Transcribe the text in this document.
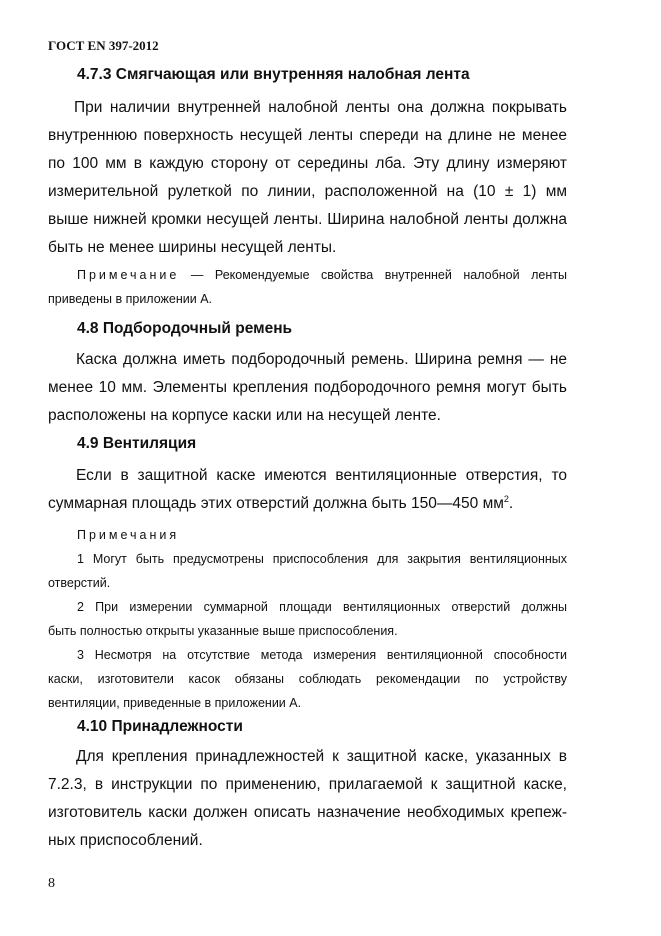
ГОСТ EN 397-2012
4.7.3 Смягчающая или внутренняя налобная лента
При наличии внутренней налобной ленты она должна покрывать
внутреннюю поверхность несущей ленты спереди на длине не менее
по 100 мм в каждую сторону от середины лба. Эту длину измеряют
измерительной рулеткой по линии, расположенной на (10 ± 1) мм
выше нижней кромки несущей ленты. Ширина налобной ленты должна
быть не менее ширины несущей ленты.
Примечание — Рекомендуемые свойства внутренней налобной ленты
приведены в приложении А.
4.8 Подбородочный ремень
Каска должна иметь подбородочный ремень. Ширина ремня — не
менее 10 мм. Элементы крепления подбородочного ремня могут быть
расположены на корпусе каски или на несущей ленте.
4.9 Вентиляция
Если в защитной каске имеются вентиляционные отверстия, то
суммарная площадь этих отверстий должна быть 150—450 $мм^2$.
Примечания
1 Могут быть предусмотрены приспособления для закрытия вентиляционных
отверстий.
2 При измерении суммарной площади вентиляционных отверстий должны
быть полностью открыты указанные выше приспособления.
3 Несмотря на отсутствие метода измерения вентиляционной способности
каски, изготовители касок обязаны соблюдать рекомендации по устройству
вентиляции, приведенные в приложении А.
4.10 Принадлежности
Для крепления принадлежностей к защитной каске, указанных в
7.2.3, в инструкции по применению, прилагаемой к защитной каске,
изготовитель каски должен описать назначение необходимых крепеж-
ных приспособлений.
8
